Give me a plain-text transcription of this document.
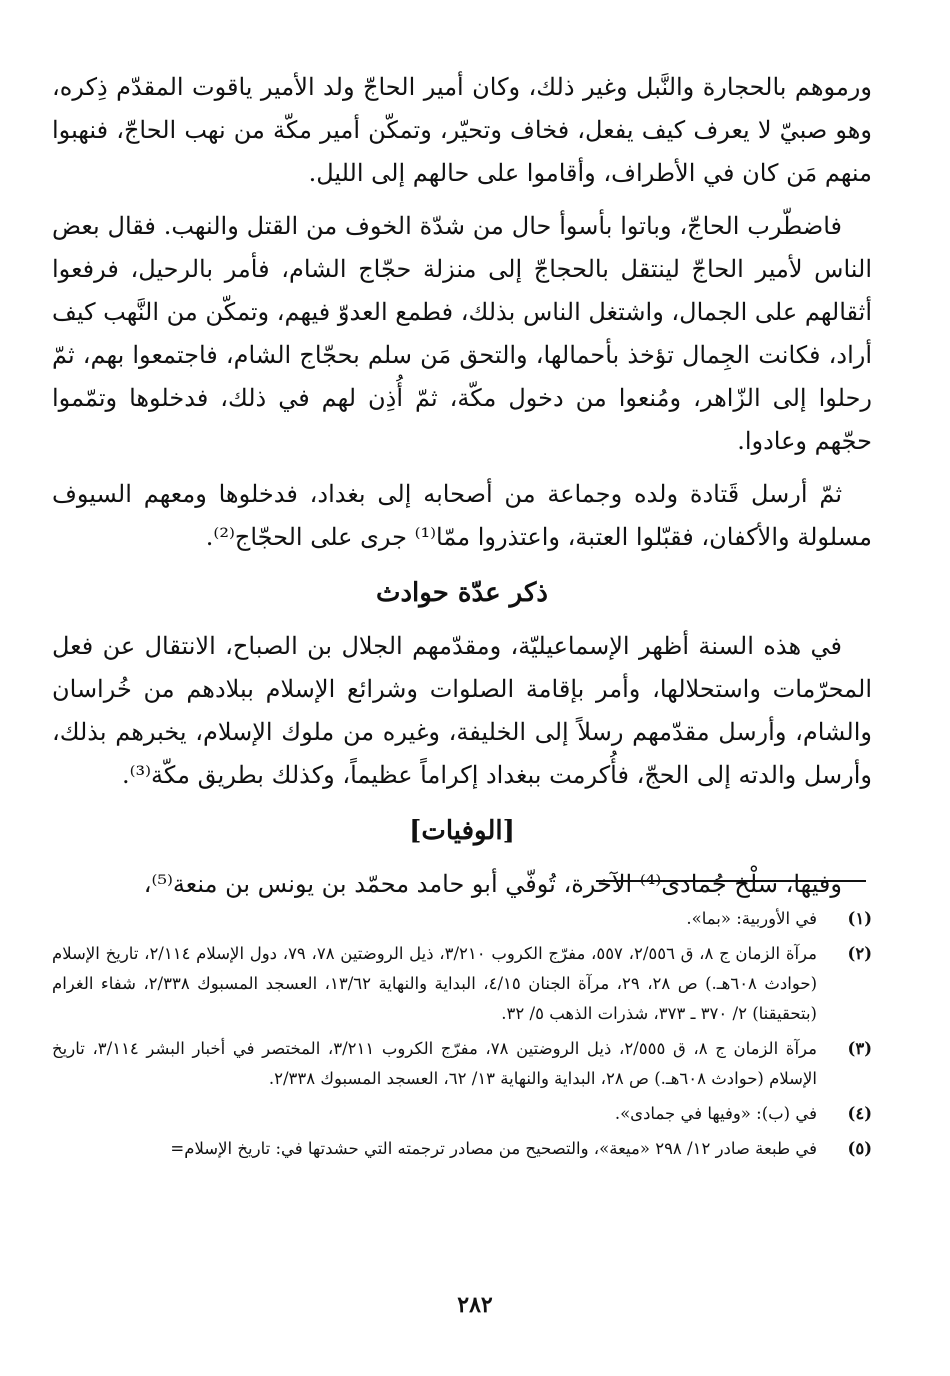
ورموهم بالحجارة والنَّبل وغير ذلك، وكان أمير الحاجّ ولد الأمير ياقوت المقدّم ذِكره، وهو صبيّ لا يعرف كيف يفعل، فخاف وتحيّر، وتمكّن أمير مكّة من نهب الحاجّ، فنهبوا منهم مَن كان في الأطراف، وأقاموا على حالهم إلى الليل.

فاضطّرب الحاجّ، وباتوا بأسوأ حال من شدّة الخوف من القتل والنهب. فقال بعض الناس لأمير الحاجّ لينتقل بالحجاجّ إلى منزلة حجّاج الشام، فأمر بالرحيل، فرفعوا أثقالهم على الجمال، واشتغل الناس بذلك، فطمع العدوّ فيهم، وتمكّن من النَّهب كيف أراد، فكانت الجِمال تؤخذ بأحمالها، والتحق مَن سلم بحجّاج الشام، فاجتمعوا بهم، ثمّ رحلوا إلى الزّاهر، ومُنعوا من دخول مكّة، ثمّ أُذِن لهم في ذلك، فدخلوها وتمّموا حجّهم وعادوا.

ثمّ أرسل قَتادة ولده وجماعة من أصحابه إلى بغداد، فدخلوها ومعهم السيوف مسلولة والأكفان، فقبّلوا العتبة، واعتذروا ممّا⁽¹⁾ جرى على الحجّاج⁽²⁾.

ذكر عدّة حوادث

في هذه السنة أظهر الإسماعيليّة، ومقدّمهم الجلال بن الصباح، الانتقال عن فعل المحرّمات واستحلالها، وأمر بإقامة الصلوات وشرائع الإسلام ببلادهم من خُراسان والشام، وأرسل مقدّمهم رسلاً إلى الخليفة، وغيره من ملوك الإسلام، يخبرهم بذلك، وأرسل والدته إلى الحجّ، فأُكرمت ببغداد إكراماً عظيماً، وكذلك بطريق مكّة⁽³⁾.

[الوفيات]

وفيها، سلْخ جُمادى⁽⁴⁾ الآخرة، تُوفّي أبو حامد محمّد بن يونس بن منعة⁽⁵⁾،

(١)
في الأوربية: «بما».
(٢)
مرآة الزمان ج ٨، ق ٢/٥٥٦، ٥٥٧، مفرّج الكروب ٣/٢١٠، ذيل الروضتين ٧٨، ٧٩، دول الإسلام ٢/١١٤، تاريخ الإسلام (حوادث ٦٠٨هـ.) ص ٢٨، ٢٩، مرآة الجنان ٤/١٥، البداية والنهاية ١٣/٦٢، العسجد المسبوك ٢/٣٣٨، شفاء الغرام (بتحقيقنا) ٢/ ٣٧٠ ـ ٣٧٣، شذرات الذهب ٥/ ٣٢.
(٣)
مرآة الزمان ج ٨، ق ٢/٥٥٥، ذيل الروضتين ٧٨، مفرّج الكروب ٣/٢١١، المختصر في أخبار البشر ٣/١١٤، تاريخ الإسلام (حوادث ٦٠٨هـ.) ص ٢٨، البداية والنهاية ١٣/ ٦٢، العسجد المسبوك ٢/٣٣٨.
(٤)
في (ب): «وفيها في جمادى».
(٥)
في طبعة صادر ١٢/ ٢٩٨ «ميعة»، والتصحيح من مصادر ترجمته التي حشدتها في: تاريخ الإسلام=
٢٨٢
